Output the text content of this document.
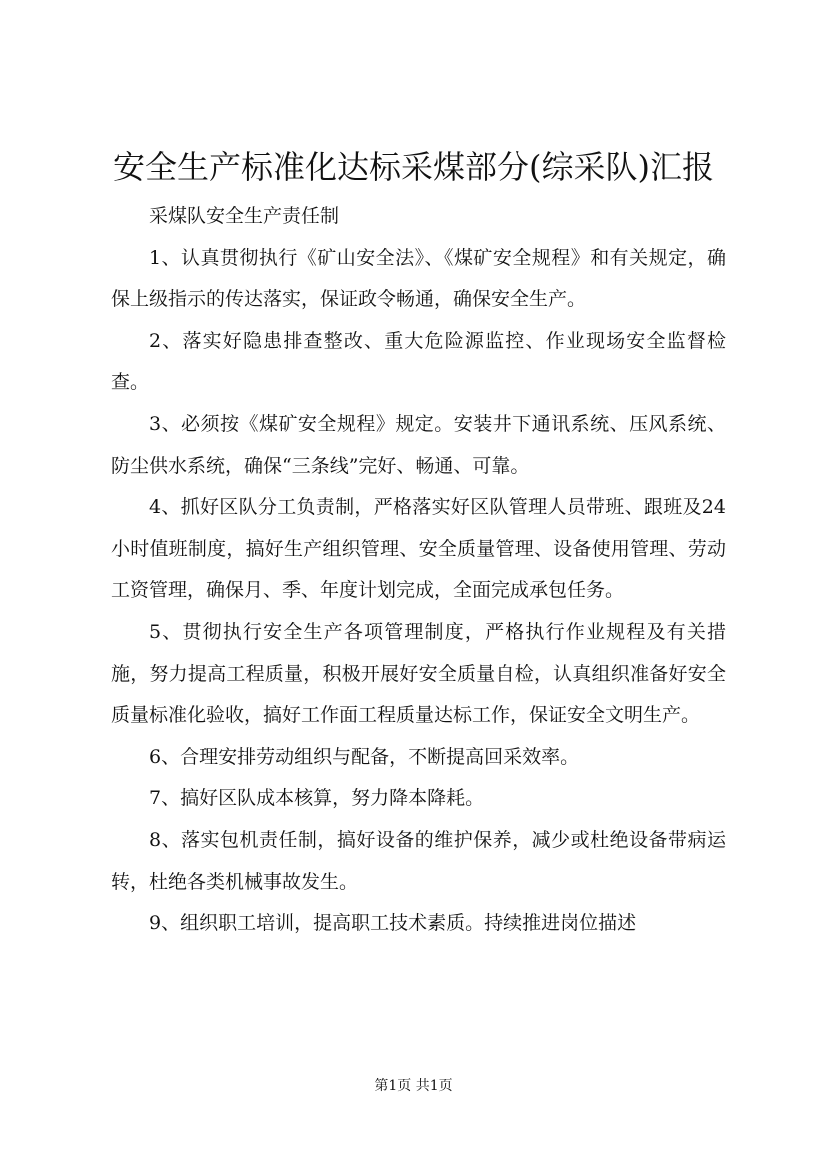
安全生产标准化达标采煤部分(综采队)汇报

采煤队安全生产责任制

1、认真贯彻执行《矿山安全法》、《煤矿安全规程》和有关规定，确保上级指示的传达落实，保证政令畅通，确保安全生产。

2、落实好隐患排查整改、重大危险源监控、作业现场安全监督检查。

3、必须按《煤矿安全规程》规定。安装井下通讯系统、压风系统、防尘供水系统，确保“三条线”完好、畅通、可靠。

4、抓好区队分工负责制，严格落实好区队管理人员带班、跟班及24小时值班制度，搞好生产组织管理、安全质量管理、设备使用管理、劳动工资管理，确保月、季、年度计划完成，全面完成承包任务。

5、贯彻执行安全生产各项管理制度，严格执行作业规程及有关措施，努力提高工程质量，积极开展好安全质量自检，认真组织准备好安全质量标准化验收，搞好工作面工程质量达标工作，保证安全文明生产。

6、合理安排劳动组织与配备，不断提高回采效率。

7、搞好区队成本核算，努力降本降耗。

8、落实包机责任制，搞好设备的维护保养，减少或杜绝设备带病运转，杜绝各类机械事故发生。

9、组织职工培训，提高职工技术素质。持续推进岗位描述

第1页 共1页
